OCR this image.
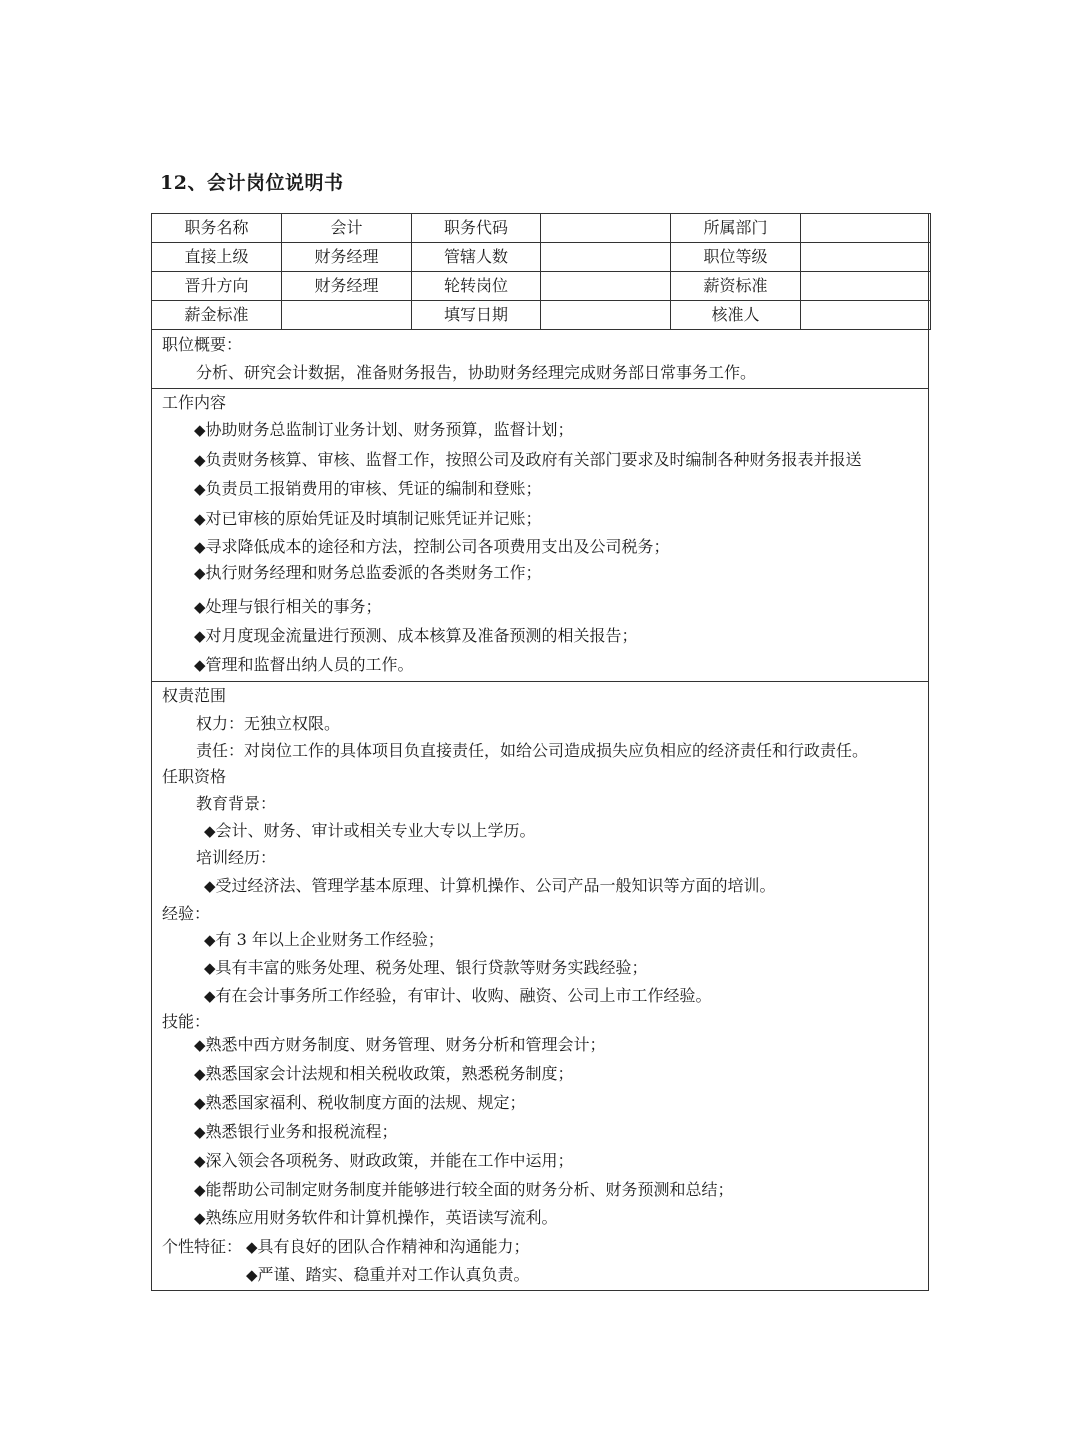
12、会计岗位说明书
职务名称	会计	职务代码		所属部门	
直接上级	财务经理	管辖人数		职位等级	
晋升方向	财务经理	轮转岗位		薪资标准	
薪金标准		填写日期		核准人	
职位概要：
分析、研究会计数据，准备财务报告，协助财务经理完成财务部日常事务工作。
工作内容
◆协助财务总监制订业务计划、财务预算，监督计划；
◆负责财务核算、审核、监督工作，按照公司及政府有关部门要求及时编制各种财务报表并报送
◆负责员工报销费用的审核、凭证的编制和登账；
◆对已审核的原始凭证及时填制记账凭证并记账；
◆寻求降低成本的途径和方法，控制公司各项费用支出及公司税务；
◆执行财务经理和财务总监委派的各类财务工作；
◆处理与银行相关的事务；
◆对月度现金流量进行预测、成本核算及准备预测的相关报告；
◆管理和监督出纳人员的工作。
权责范围
权力：无独立权限。
责任：对岗位工作的具体项目负直接责任，如给公司造成损失应负相应的经济责任和行政责任。
任职资格
教育背景：
◆会计、财务、审计或相关专业大专以上学历。
培训经历：
◆受过经济法、管理学基本原理、计算机操作、公司产品一般知识等方面的培训。
经验：
◆有 3 年以上企业财务工作经验；
◆具有丰富的账务处理、税务处理、银行贷款等财务实践经验；
◆有在会计事务所工作经验，有审计、收购、融资、公司上市工作经验。
技能：
◆熟悉中西方财务制度、财务管理、财务分析和管理会计；
◆熟悉国家会计法规和相关税收政策，熟悉税务制度；
◆熟悉国家福利、税收制度方面的法规、规定；
◆熟悉银行业务和报税流程；
◆深入领会各项税务、财政政策，并能在工作中运用；
◆能帮助公司制定财务制度并能够进行较全面的财务分析、财务预测和总结；
◆熟练应用财务软件和计算机操作，英语读写流利。
个性特征： ◆具有良好的团队合作精神和沟通能力；
◆严谨、踏实、稳重并对工作认真负责。
